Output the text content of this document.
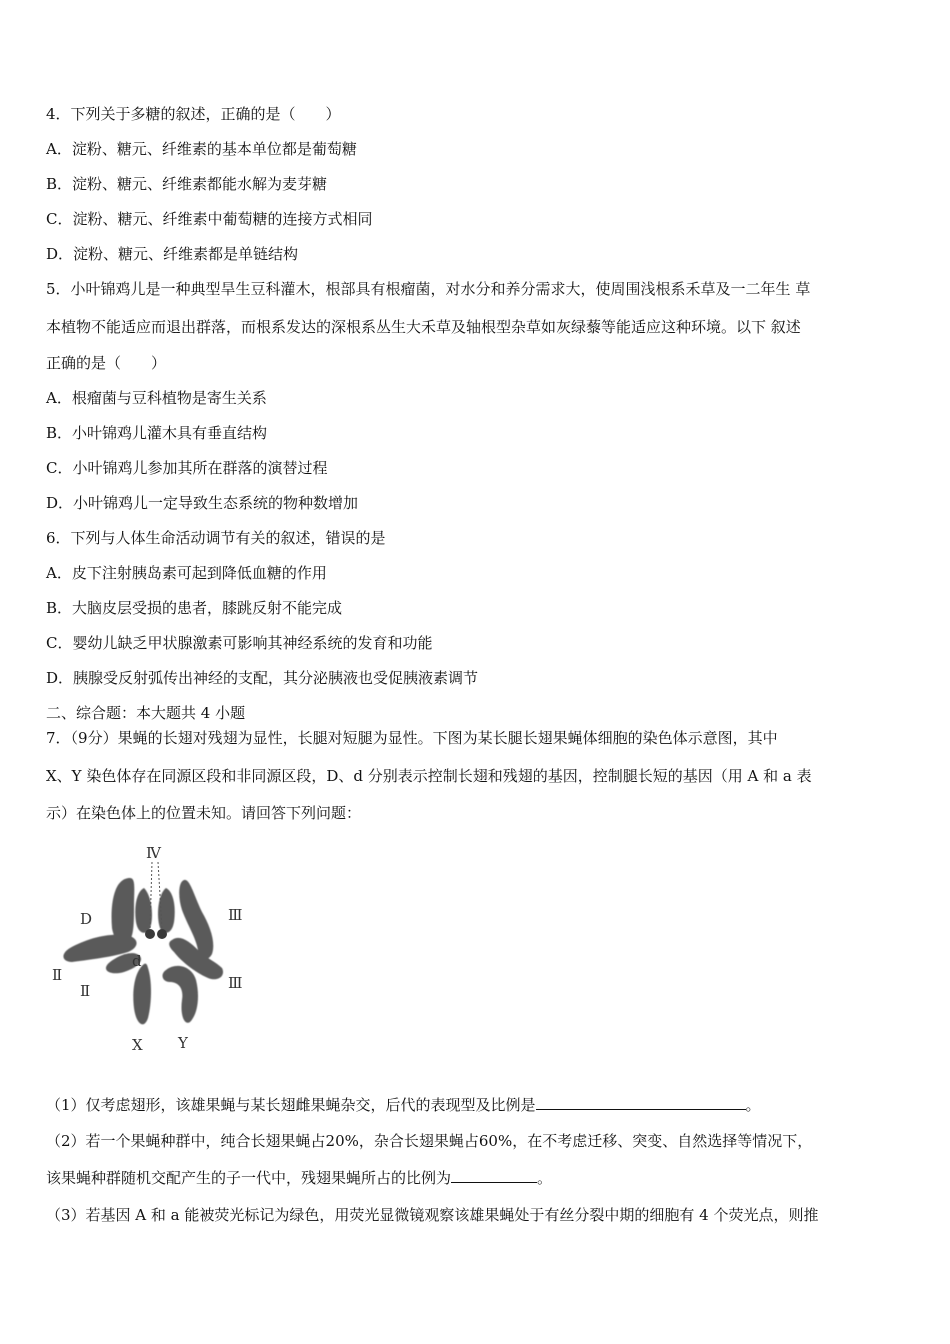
4．下列关于多糖的叙述，正确的是（　　）
A．淀粉、糖元、纤维素的基本单位都是葡萄糖
B．淀粉、糖元、纤维素都能水解为麦芽糖
C．淀粉、糖元、纤维素中葡萄糖的连接方式相同
D．淀粉、糖元、纤维素都是单链结构
5．小叶锦鸡儿是一种典型旱生豆科灌木，根部具有根瘤菌，对水分和养分需求大，使周围浅根系禾草及一二年生 草
本植物不能适应而退出群落，而根系发达的深根系丛生大禾草及轴根型杂草如灰绿藜等能适应这种环境。以下 叙述
正确的是（　　）
A．根瘤菌与豆科植物是寄生关系
B．小叶锦鸡儿灌木具有垂直结构
C．小叶锦鸡儿参加其所在群落的演替过程
D．小叶锦鸡儿一定导致生态系统的物种数增加
6．下列与人体生命活动调节有关的叙述，错误的是
A．皮下注射胰岛素可起到降低血糖的作用
B．大脑皮层受损的患者，膝跳反射不能完成
C．婴幼儿缺乏甲状腺激素可影响其神经系统的发育和功能
D．胰腺受反射弧传出神经的支配，其分泌胰液也受促胰液素调节
二、综合题：本大题共 4 小题
7．（9分）果蝇的长翅对残翅为显性，长腿对短腿为显性。下图为某长腿长翅果蝇体细胞的染色体示意图，其中
X、Y 染色体存在同源区段和非同源区段，D、d 分别表示控制长翅和残翅的基因，控制腿长短的基因（用 A 和 a 表
示）在染色体上的位置未知。请回答下列问题：
Ⅳ
Ⅲ
D
d
Ⅱ
Ⅱ	Ⅲ
X Y
（1）仅考虑翅形，该雄果蝇与某长翅雌果蝇杂交，后代的表现型及比例是	。
（2）若一个果蝇种群中，纯合长翅果蝇占20%，杂合长翅果蝇占60%，在不考虑迁移、突变、自然选择等情况下，
该果蝇种群随机交配产生的子一代中，残翅果蝇所占的比例为	。
（3）若基因 A 和 a 能被荧光标记为绿色，用荧光显微镜观察该雄果蝇处于有丝分裂中期的细胞有 4 个荧光点，则推
